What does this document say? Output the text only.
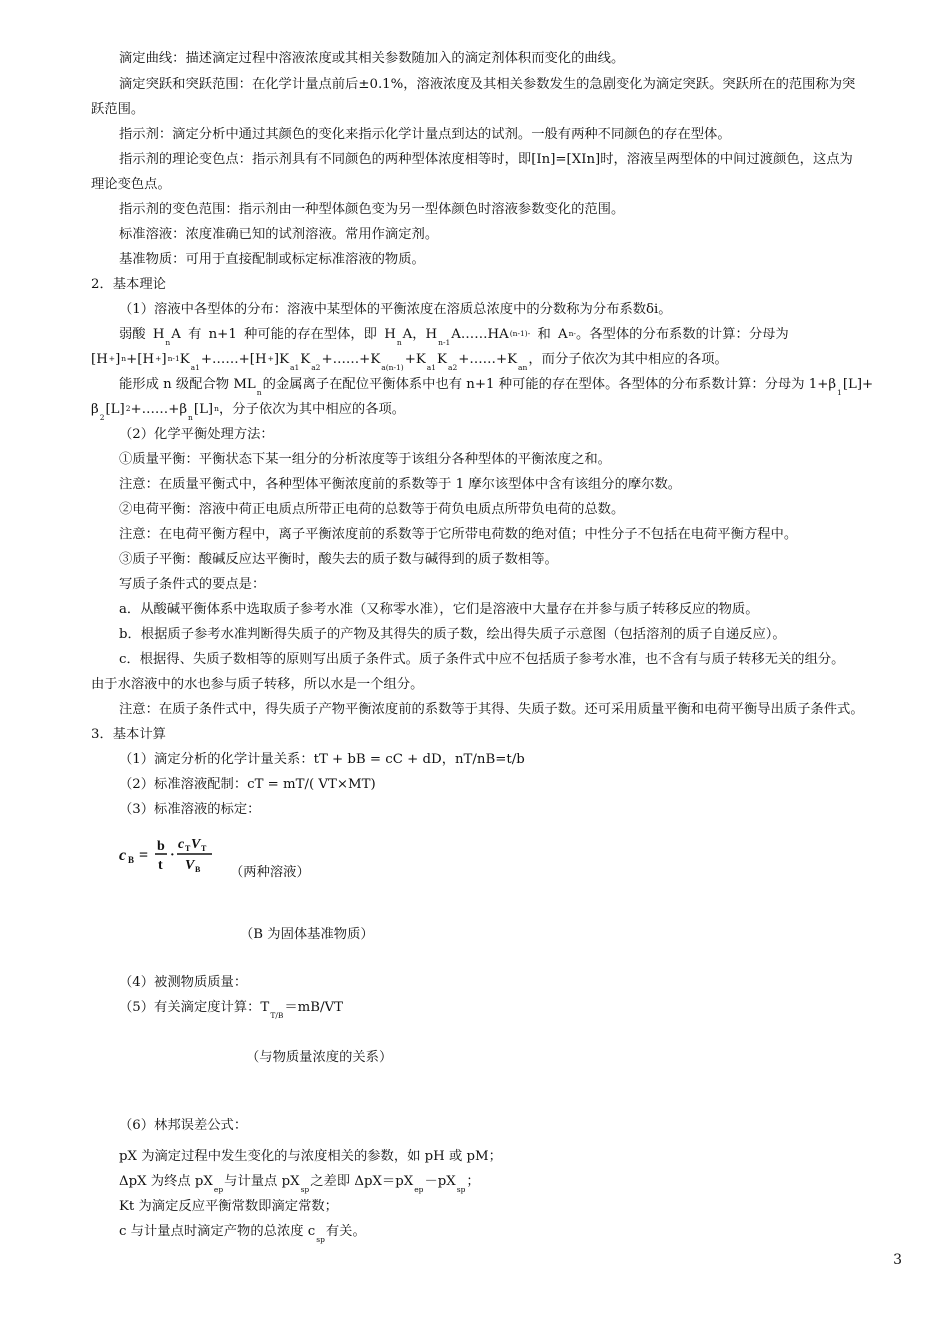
滴定曲线：描述滴定过程中溶液浓度或其相关参数随加入的滴定剂体积而变化的曲线。
滴定突跃和突跃范围：在化学计量点前后±0.1%，溶液浓度及其相关参数发生的急剧变化为滴定突跃。突跃所在的范围称为突
跃范围。
指示剂：滴定分析中通过其颜色的变化来指示化学计量点到达的试剂。一般有两种不同颜色的存在型体。
指示剂的理论变色点：指示剂具有不同颜色的两种型体浓度相等时，即[In]=[XIn]时，溶液呈两型体的中间过渡颜色，这点为
理论变色点。
指示剂的变色范围：指示剂由一种型体颜色变为另一型体颜色时溶液参数变化的范围。
标准溶液：浓度准确已知的试剂溶液。常用作滴定剂。
基准物质：可用于直接配制或标定标准溶液的物质。
2．基本理论
（1）溶液中各型体的分布：溶液中某型体的平衡浓度在溶质总浓度中的分数称为分布系数δi。
弱酸 $H_nA$ 有 n+1 种可能的存在型体，即 $H_nA$，$H_{n-1}A\dots\dots HA(n-1)-$ 和 An-。各型体的分布系数的计算：分母为
$[H+]n+[H+]n-1K_{a1}+\dots\dots+[H+]K_{a1}K_{a2}+\dots\dots+K_{a(n-1)}+K_{a1}K_{a2}+\dots\dots+K_{an}$，而分子依次为其中相应的各项。
能形成 n 级配合物 $ML_n$的金属离子在配位平衡体系中也有 n+1 种可能的存在型体。各型体的分布系数计算：分母为 $1+\beta_1[L]+$
$\beta_2[L]2+\dots\dots+\beta_n[L]n$，分子依次为其中相应的各项。
（2）化学平衡处理方法：
①质量平衡：平衡状态下某一组分的分析浓度等于该组分各种型体的平衡浓度之和。
注意：在质量平衡式中，各种型体平衡浓度前的系数等于 1 摩尔该型体中含有该组分的摩尔数。
②电荷平衡：溶液中荷正电质点所带正电荷的总数等于荷负电质点所带负电荷的总数。
注意：在电荷平衡方程中，离子平衡浓度前的系数等于它所带电荷数的绝对值；中性分子不包括在电荷平衡方程中。
③质子平衡：酸碱反应达平衡时，酸失去的质子数与碱得到的质子数相等。
写质子条件式的要点是：
a．从酸碱平衡体系中选取质子参考水准（又称零水准），它们是溶液中大量存在并参与质子转移反应的物质。
b．根据质子参考水准判断得失质子的产物及其得失的质子数，绘出得失质子示意图（包括溶剂的质子自递反应）。
c．根据得、失质子数相等的原则写出质子条件式。质子条件式中应不包括质子参考水准，也不含有与质子转移无关的组分。
由于水溶液中的水也参与质子转移，所以水是一个组分。
注意：在质子条件式中，得失质子产物平衡浓度前的系数等于其得、失质子数。还可采用质量平衡和电荷平衡导出质子条件式。
3．基本计算
（1）滴定分析的化学计量关系：tT + bB = cC + dD，nT/nB=t/b
（2）标准溶液配制：cT = mT/( VT×MT)
（3）标准溶液的标定：
c B =
b
t
·
c T V T
V B （两种溶液）
（B 为固体基准物质）
（4）被测物质质量：
（5）有关滴定度计算：$T_{T/B}=mB/VT$
（与物质量浓度的关系）
（6）林邦误差公式：
pX 为滴定过程中发生变化的与浓度相关的参数，如 pH 或 pM；
ΔpX 为终点 $pX_{ep}$与计量点 $pX_{sp}$之差即 $\Delta pX=pX_{ep}-pX_{sp}$；
Kt 为滴定反应平衡常数即滴定常数；
c 与计量点时滴定产物的总浓度 $c_{sp}$有关。
3
